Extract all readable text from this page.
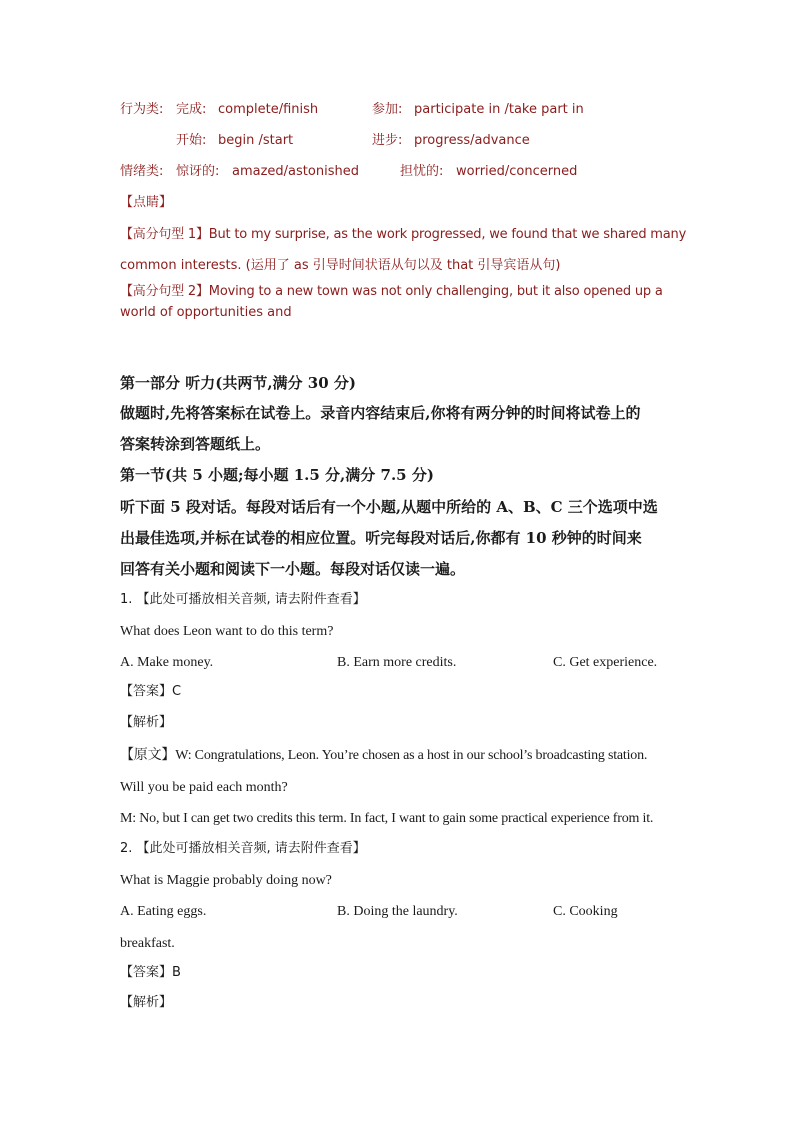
行为类: 完成: complete/finish	参加: participate in /take part in
开始: begin /start	进步: progress/advance
情绪类: 惊讶的: amazed/astonished	担忧的: worried/concerned
【点睛】
【高分句型 1】But to my surprise, as the work progressed, we found that we shared many
common interests. (运用了 as 引导时间状语从句以及 that 引导宾语从句)
【高分句型 2】Moving to a new town was not only challenging, but it also opened up a
world of opportunities and
第一部分 听力(共两节,满分 30 分)
做题时,先将答案标在试卷上。录音内容结束后,你将有两分钟的时间将试卷上的
答案转涂到答题纸上。
第一节(共 5 小题;每小题 1.5 分,满分 7.5 分)
听下面 5 段对话。每段对话后有一个小题,从题中所给的 A、B、C 三个选项中选
出最佳选项,并标在试卷的相应位置。听完每段对话后,你都有 10 秒钟的时间来
回答有关小题和阅读下一小题。每段对话仅读一遍。
1. 【此处可播放相关音频, 请去附件查看】
What does Leon want to do this term?
A. Make money.	B. Earn more credits.	C. Get experience.
【答案】C
【解析】
【原文】W: Congratulations, Leon. You’re chosen as a host in our school’s broadcasting station.
Will you be paid each month?
M: No, but I can get two credits this term. In fact, I want to gain some practical experience from it.
2. 【此处可播放相关音频, 请去附件查看】
What is Maggie probably doing now?
A. Eating eggs.	B. Doing the laundry.	C. Cooking
breakfast.
【答案】B
【解析】
